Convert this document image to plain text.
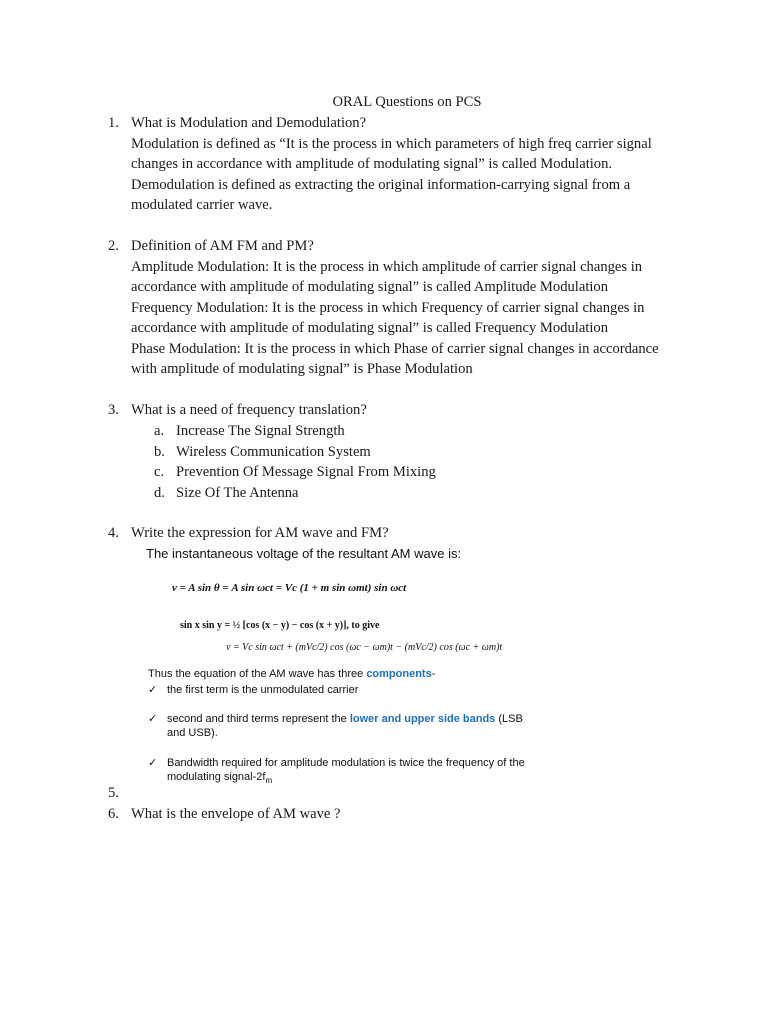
ORAL Questions on PCS
1. What is Modulation and Demodulation?
Modulation is defined as “It is the process in which parameters of high freq carrier signal
changes in accordance with amplitude of modulating signal” is called Modulation.
Demodulation is defined as extracting the original information-carrying signal from a
modulated carrier wave.
2. Definition of AM FM and PM?
Amplitude Modulation: It is the process in which amplitude of carrier signal changes in
accordance with amplitude of modulating signal” is called Amplitude Modulation
Frequency Modulation: It is the process in which Frequency of carrier signal changes in
accordance with amplitude of modulating signal” is called Frequency Modulation
Phase Modulation: It is the process in which Phase of carrier signal changes in accordance
with amplitude of modulating signal” is Phase Modulation
3. What is a need of frequency translation?
a. Increase The Signal Strength
b. Wireless Communication System
c. Prevention Of Message Signal From Mixing
d. Size Of The Antenna
4. Write the expression for AM wave and FM?
The instantaneous voltage of the resultant AM wave is:
v = A sin θ = A sin ωct = Vc (1 + m sin ωmt) sin ωct
sin x sin y = ½ [cos (x − y) − cos (x + y)], to give
v = Vc sin ωct + (mVc/2) cos (ωc − ωm)t − (mVc/2) cos (ωc + ωm)t
Thus the equation of the AM wave has three components-
✓ the first term is the unmodulated carrier
✓ second and third terms represent the lower and upper side bands (LSB and USB).
✓ Bandwidth required for amplitude modulation is twice the frequency of the modulating signal-$2f_m$
5.
6. What is the envelope of AM wave ?
